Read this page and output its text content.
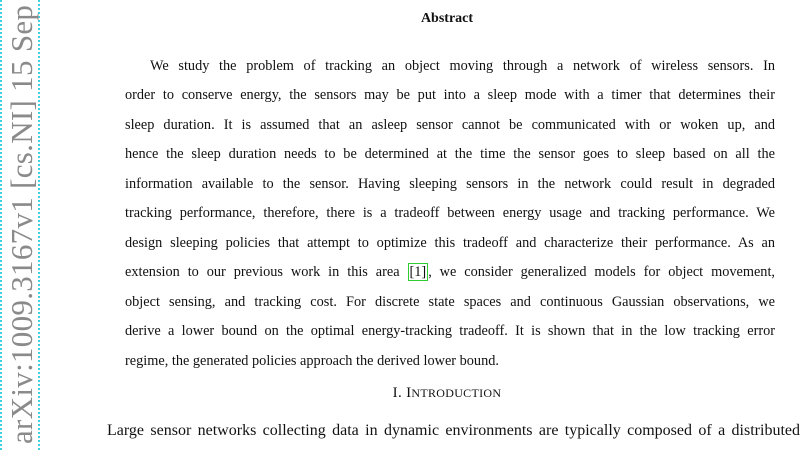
arXiv:1009.3167v1 [cs.NI] 15 Sep	Abstract
We study the problem of tracking an object moving through a network of wireless sensors. In
order to conserve energy, the sensors may be put into a sleep mode with a timer that determines their
sleep duration. It is assumed that an asleep sensor cannot be communicated with or woken up, and
hence the sleep duration needs to be determined at the time the sensor goes to sleep based on all the
information available to the sensor. Having sleeping sensors in the network could result in degraded
tracking performance, therefore, there is a tradeoff between energy usage and tracking performance. We
design sleeping policies that attempt to optimize this tradeoff and characterize their performance. As an
extension to our previous work in this area [1] , we consider generalized models for object movement,
object sensing, and tracking cost. For discrete state spaces and continuous Gaussian observations, we
derive a lower bound on the optimal energy-tracking tradeoff. It is shown that in the low tracking error
I. INTRODUCTION
Large sensor networks collecting data in dynamic environments are typically composed of a distributed
regime, the generated policies approach the derived lower bound.
